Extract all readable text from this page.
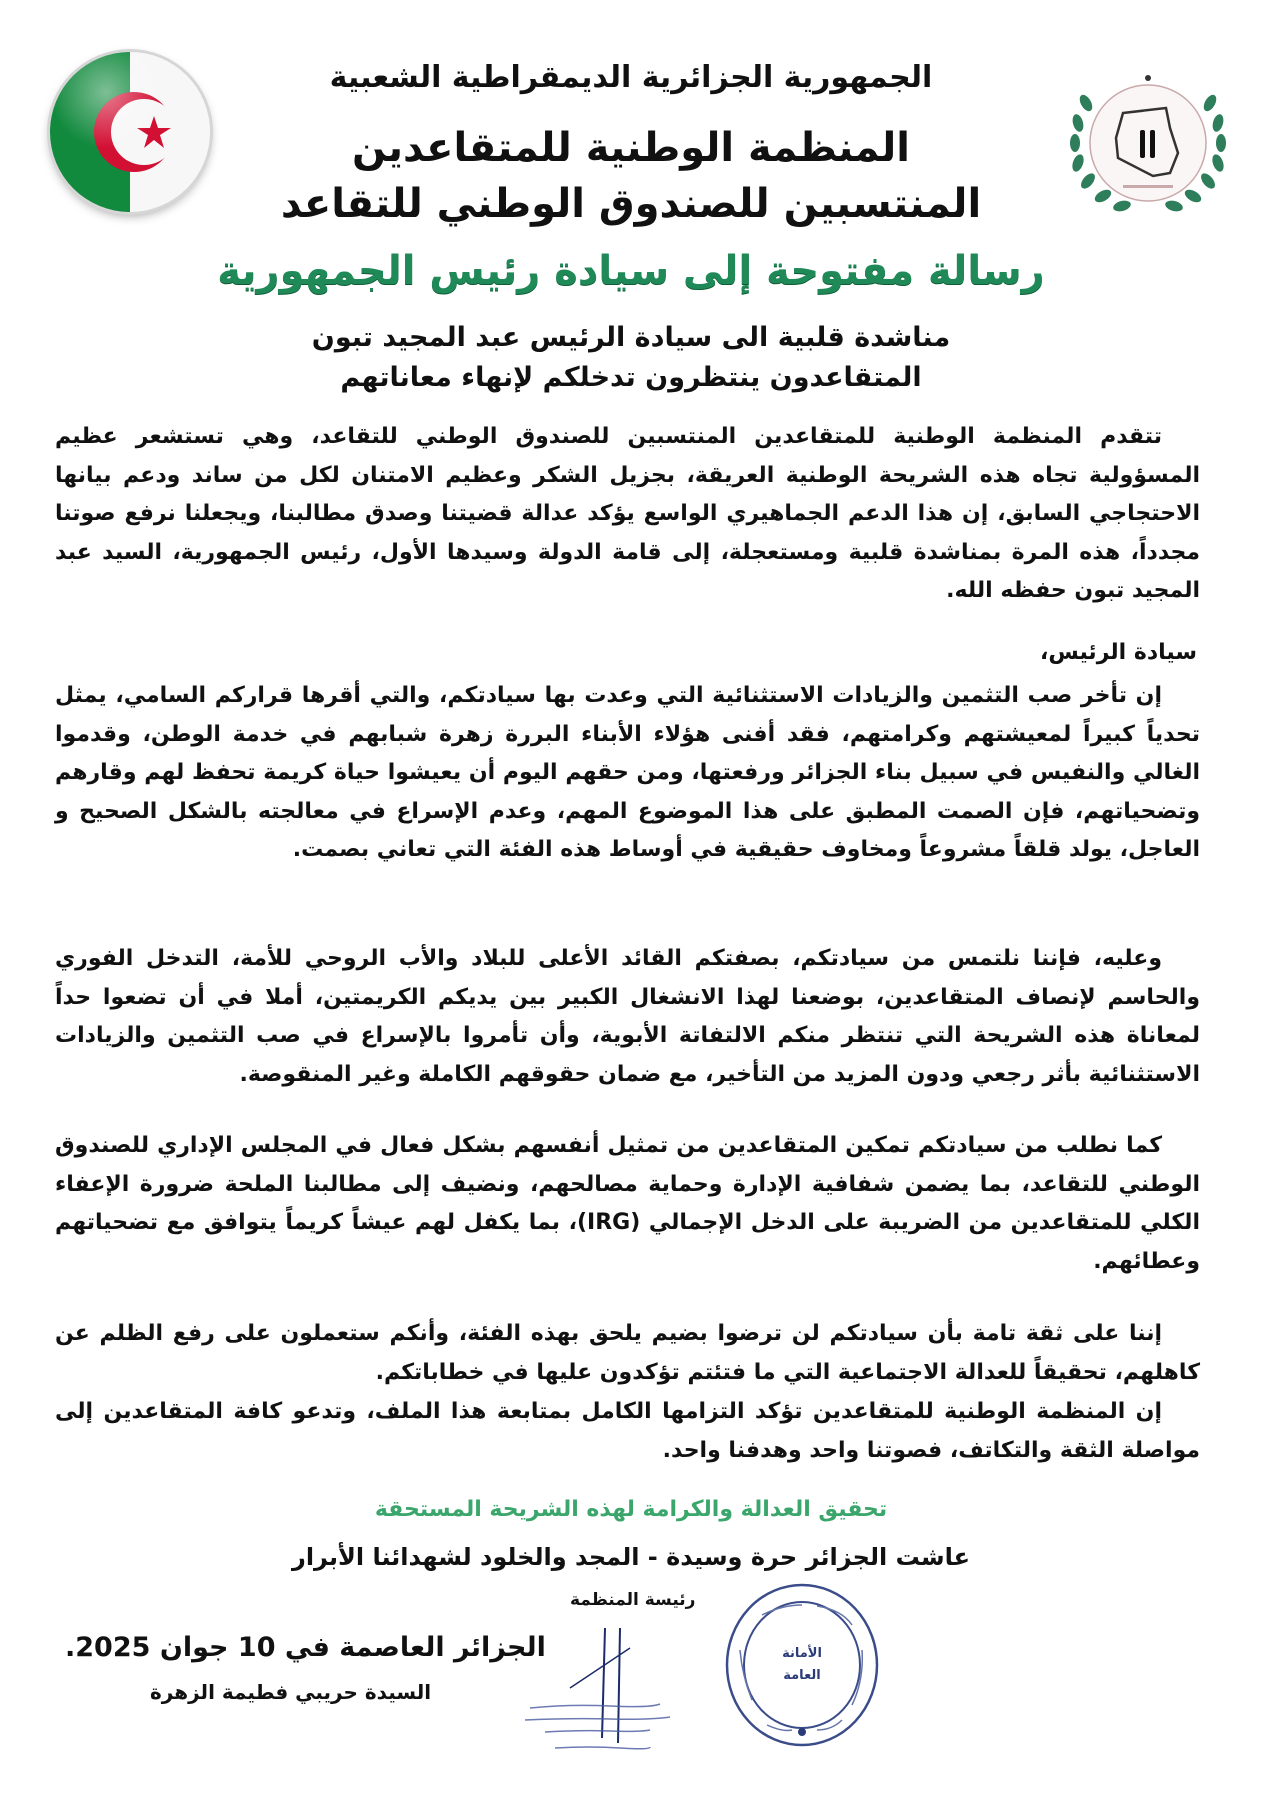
الجمهورية الجزائرية الديمقراطية الشعبية
المنظمة الوطنية للمتقاعدين
المنتسبين للصندوق الوطني للتقاعد
رسالة مفتوحة إلى سيادة رئيس الجمهورية
مناشدة قلبية الى سيادة الرئيس عبد المجيد تبون
المتقاعدون ينتظرون تدخلكم لإنهاء معاناتهم
تتقدم المنظمة الوطنية للمتقاعدين المنتسبين للصندوق الوطني للتقاعد، وهي تستشعر عظيم المسؤولية تجاه هذه الشريحة الوطنية العريقة، بجزيل الشكر وعظيم الامتنان لكل من ساند ودعم بيانها الاحتجاجي السابق، إن هذا الدعم الجماهيري الواسع يؤكد عدالة قضيتنا وصدق مطالبنا، ويجعلنا نرفع صوتنا مجدداً، هذه المرة بمناشدة قلبية ومستعجلة، إلى قامة الدولة وسيدها الأول، رئيس الجمهورية، السيد عبد المجيد تبون حفظه الله.
سيادة الرئيس،
إن تأخر صب التثمين والزيادات الاستثنائية التي وعدت بها سيادتكم، والتي أقرها قراركم السامي، يمثل تحدياً كبيراً لمعيشتهم وكرامتهم، فقد أفنى هؤلاء الأبناء البررة زهرة شبابهم في خدمة الوطن، وقدموا الغالي والنفيس في سبيل بناء الجزائر ورفعتها، ومن حقهم اليوم أن يعيشوا حياة كريمة تحفظ لهم وقارهم وتضحياتهم، فإن الصمت المطبق على هذا الموضوع المهم، وعدم الإسراع في معالجته بالشكل الصحيح و العاجل، يولد قلقاً مشروعاً ومخاوف حقيقية في أوساط هذه الفئة التي تعاني بصمت.
وعليه، فإننا نلتمس من سيادتكم، بصفتكم القائد الأعلى للبلاد والأب الروحي للأمة، التدخل الفوري والحاسم لإنصاف المتقاعدين، بوضعنا لهذا الانشغال الكبير بين يديكم الكريمتين، أملا في أن تضعوا حداً لمعاناة هذه الشريحة التي تنتظر منكم الالتفاتة الأبوية، وأن تأمروا بالإسراع في صب التثمين والزيادات الاستثنائية بأثر رجعي ودون المزيد من التأخير، مع ضمان حقوقهم الكاملة وغير المنقوصة.
كما نطلب من سيادتكم تمكين المتقاعدين من تمثيل أنفسهم بشكل فعال في المجلس الإداري للصندوق الوطني للتقاعد، بما يضمن شفافية الإدارة وحماية مصالحهم، ونضيف إلى مطالبنا الملحة ضرورة الإعفاء الكلي للمتقاعدين من الضريبة على الدخل الإجمالي (IRG)، بما يكفل لهم عيشاً كريماً يتوافق مع تضحياتهم وعطائهم.
إننا على ثقة تامة بأن سيادتكم لن ترضوا بضيم يلحق بهذه الفئة، وأنكم ستعملون على رفع الظلم عن كاهلهم، تحقيقاً للعدالة الاجتماعية التي ما فتئتم تؤكدون عليها في خطاباتكم.
إن المنظمة الوطنية للمتقاعدين تؤكد التزامها الكامل بمتابعة هذا الملف، وتدعو كافة المتقاعدين إلى مواصلة الثقة والتكاتف، فصوتنا واحد وهدفنا واحد.
تحقيق العدالة والكرامة لهذه الشريحة المستحقة
عاشت الجزائر حرة وسيدة - المجد والخلود لشهدائنا الأبرار
رئيسة المنظمة
الجزائر العاصمة في 10 جوان 2025.
السيدة حريبي فطيمة الزهرة
الأمانة
العامة
